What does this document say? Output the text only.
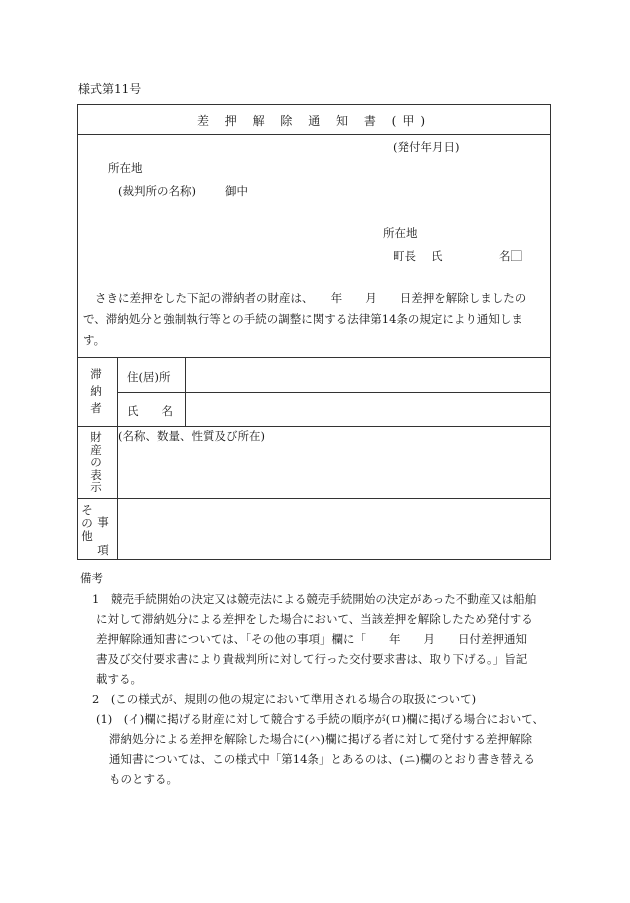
様式第11号
差 押 解 除 通 知 書 (甲)
(発付年月日)
所在地
(裁判所の名称)	御中
所在地
町長 氏	名⃞
さきに差押をした下記の滞納者の財産は、　　年　　月　　日差押を解除しましたの
で、滞納処分と強制執行等との手続の調整に関する法律第14条の規定により通知しま
す。
滞納者
住(居)所
氏　　名
財産の表示
(名称、数量、性質及び所在)
その他
事項
備考
1　競売手続開始の決定又は競売法による競売手続開始の決定があった不動産又は船舶
に対して滞納処分による差押をした場合において、当該差押を解除したため発付する
差押解除通知書については、「その他の事項」欄に「　　年　　月　　日付差押通知
書及び交付要求書により貴裁判所に対して行った交付要求書は、取り下げる。」旨記
載する。
2　(この様式が、規則の他の規定において準用される場合の取扱について)
(1)　(イ)欄に掲げる財産に対して競合する手続の順序が(ロ)欄に掲げる場合において、
滞納処分による差押を解除した場合に(ハ)欄に掲げる者に対して発付する差押解除
通知書については、この様式中「第14条」とあるのは、(ニ)欄のとおり書き替える
ものとする。
